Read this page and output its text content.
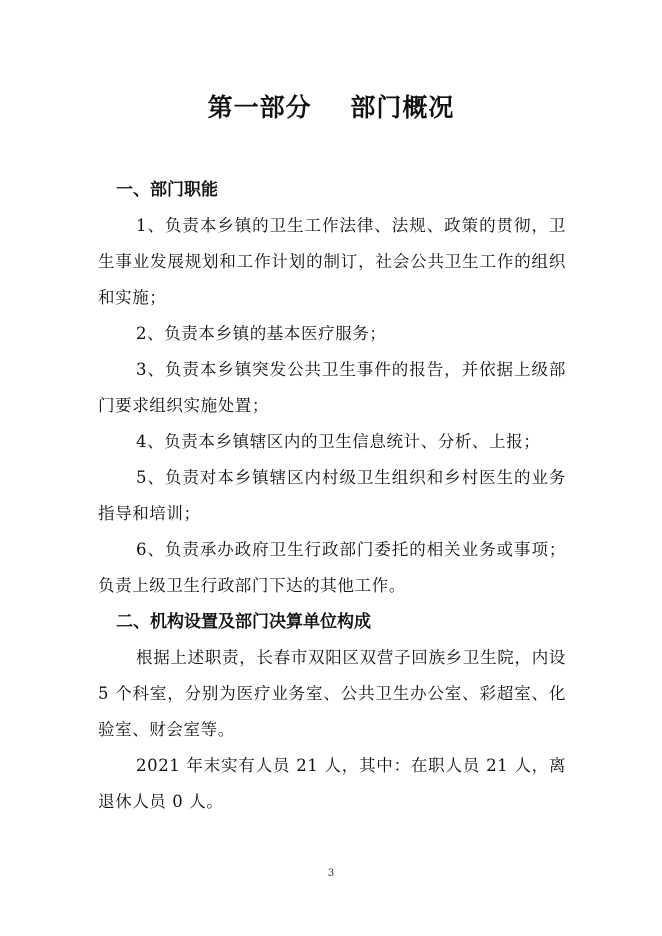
第一部分    部门概况
一、部门职能

1、负责本乡镇的卫生工作法律、法规、政策的贯彻，卫生事业发展规划和工作计划的制订，社会公共卫生工作的组织和实施；

2、负责本乡镇的基本医疗服务；

3、负责本乡镇突发公共卫生事件的报告，并依据上级部门要求组织实施处置；

4、负责本乡镇辖区内的卫生信息统计、分析、上报；

5、负责对本乡镇辖区内村级卫生组织和乡村医生的业务指导和培训；

6、负责承办政府卫生行政部门委托的相关业务或事项；负责上级卫生行政部门下达的其他工作。

二、机构设置及部门决算单位构成

根据上述职责，长春市双阳区双营子回族乡卫生院，内设 5 个科室，分别为医疗业务室、公共卫生办公室、彩超室、化验室、财会室等。

2021 年末实有人员 21 人，其中：在职人员 21 人，离退休人员 0 人。

3
